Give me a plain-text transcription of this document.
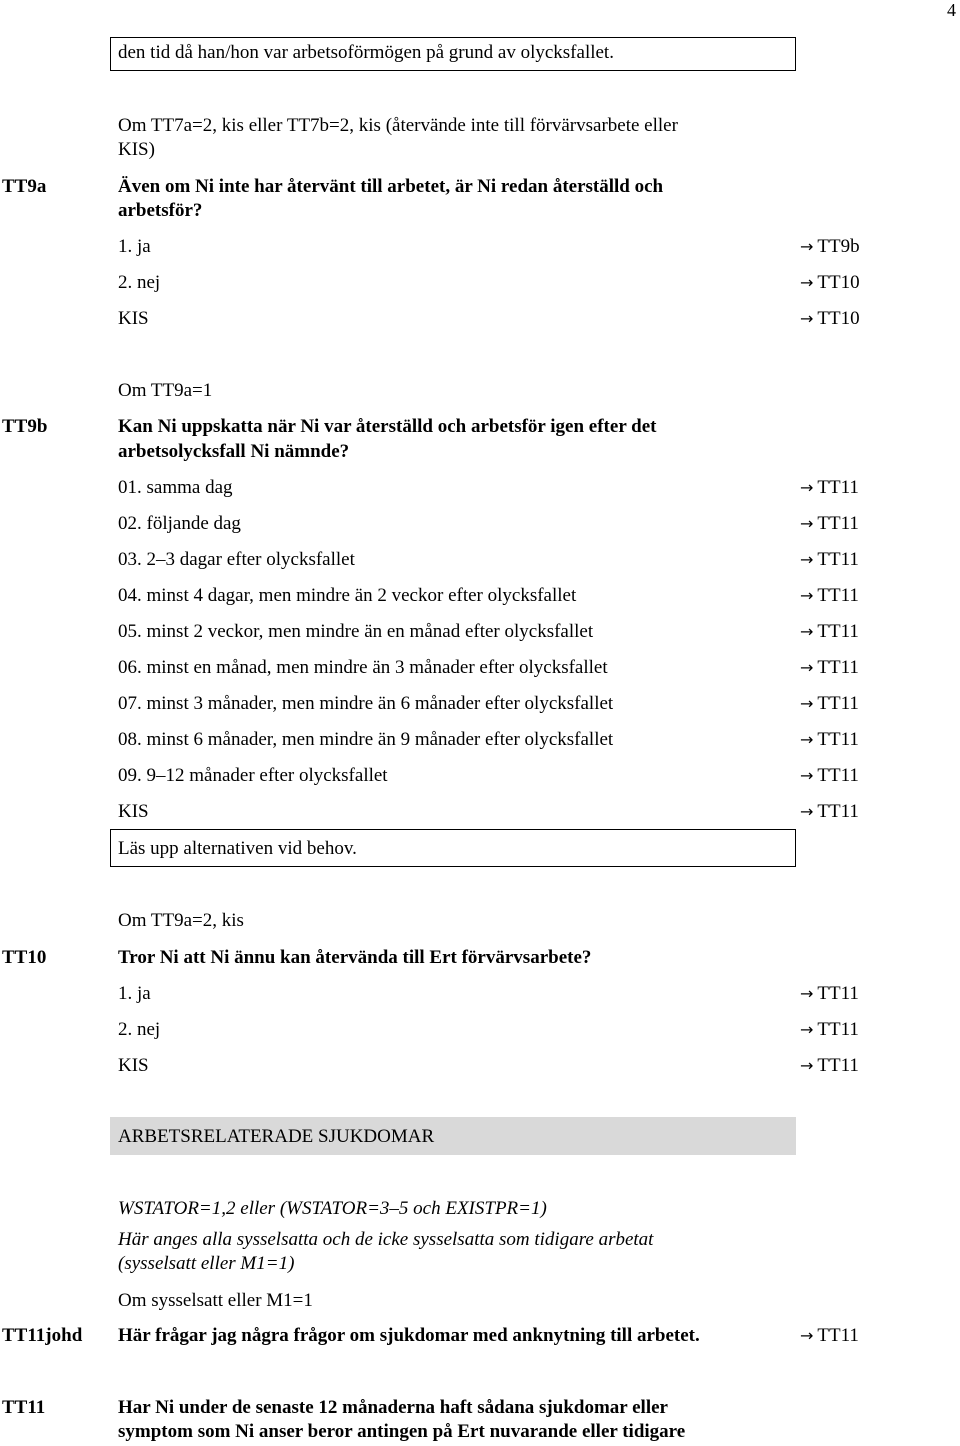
4
den tid då han/hon var arbetsoförmögen på grund av olycksfallet.
Om TT7a=2, kis eller TT7b=2, kis (återvände inte till förvärvsarbete eller
KIS)
TT9a	Även om Ni inte har återvänt till arbetet, är Ni redan återställd och
arbetsför?
1. ja	→ TT9b
2. nej	→ TT10
KIS	→ TT10
Om TT9a=1
TT9b	Kan Ni uppskatta när Ni var återställd och arbetsför igen efter det
arbetsolycksfall Ni nämnde?
01. samma dag	→ TT11
02. följande dag	→ TT11
03. 2–3 dagar efter olycksfallet	→ TT11
04. minst 4 dagar, men mindre än 2 veckor efter olycksfallet	→ TT11
05. minst 2 veckor, men mindre än en månad efter olycksfallet	→ TT11
06. minst en månad, men mindre än 3 månader efter olycksfallet	→ TT11
07. minst 3 månader, men mindre än 6 månader efter olycksfallet	→ TT11
08. minst 6 månader, men mindre än 9 månader efter olycksfallet	→ TT11
09. 9–12 månader efter olycksfallet	→ TT11
KIS	→ TT11
Läs upp alternativen vid behov.
Om TT9a=2, kis
TT10	Tror Ni att Ni ännu kan återvända till Ert förvärvsarbete?
1. ja	→ TT11
2. nej	→ TT11
KIS	→ TT11
ARBETSRELATERADE SJUKDOMAR
WSTATOR=1,2 eller (WSTATOR=3–5 och EXISTPR=1)
Här anges alla sysselsatta och de icke sysselsatta som tidigare arbetat
(sysselsatt eller M1=1)
Om sysselsatt eller M1=1
TT11johd Här frågar jag några frågor om sjukdomar med anknytning till arbetet.	→ TT11
TT11	Har Ni under de senaste 12 månaderna haft sådana sjukdomar eller
symptom som Ni anser beror antingen på Ert nuvarande eller tidigare
